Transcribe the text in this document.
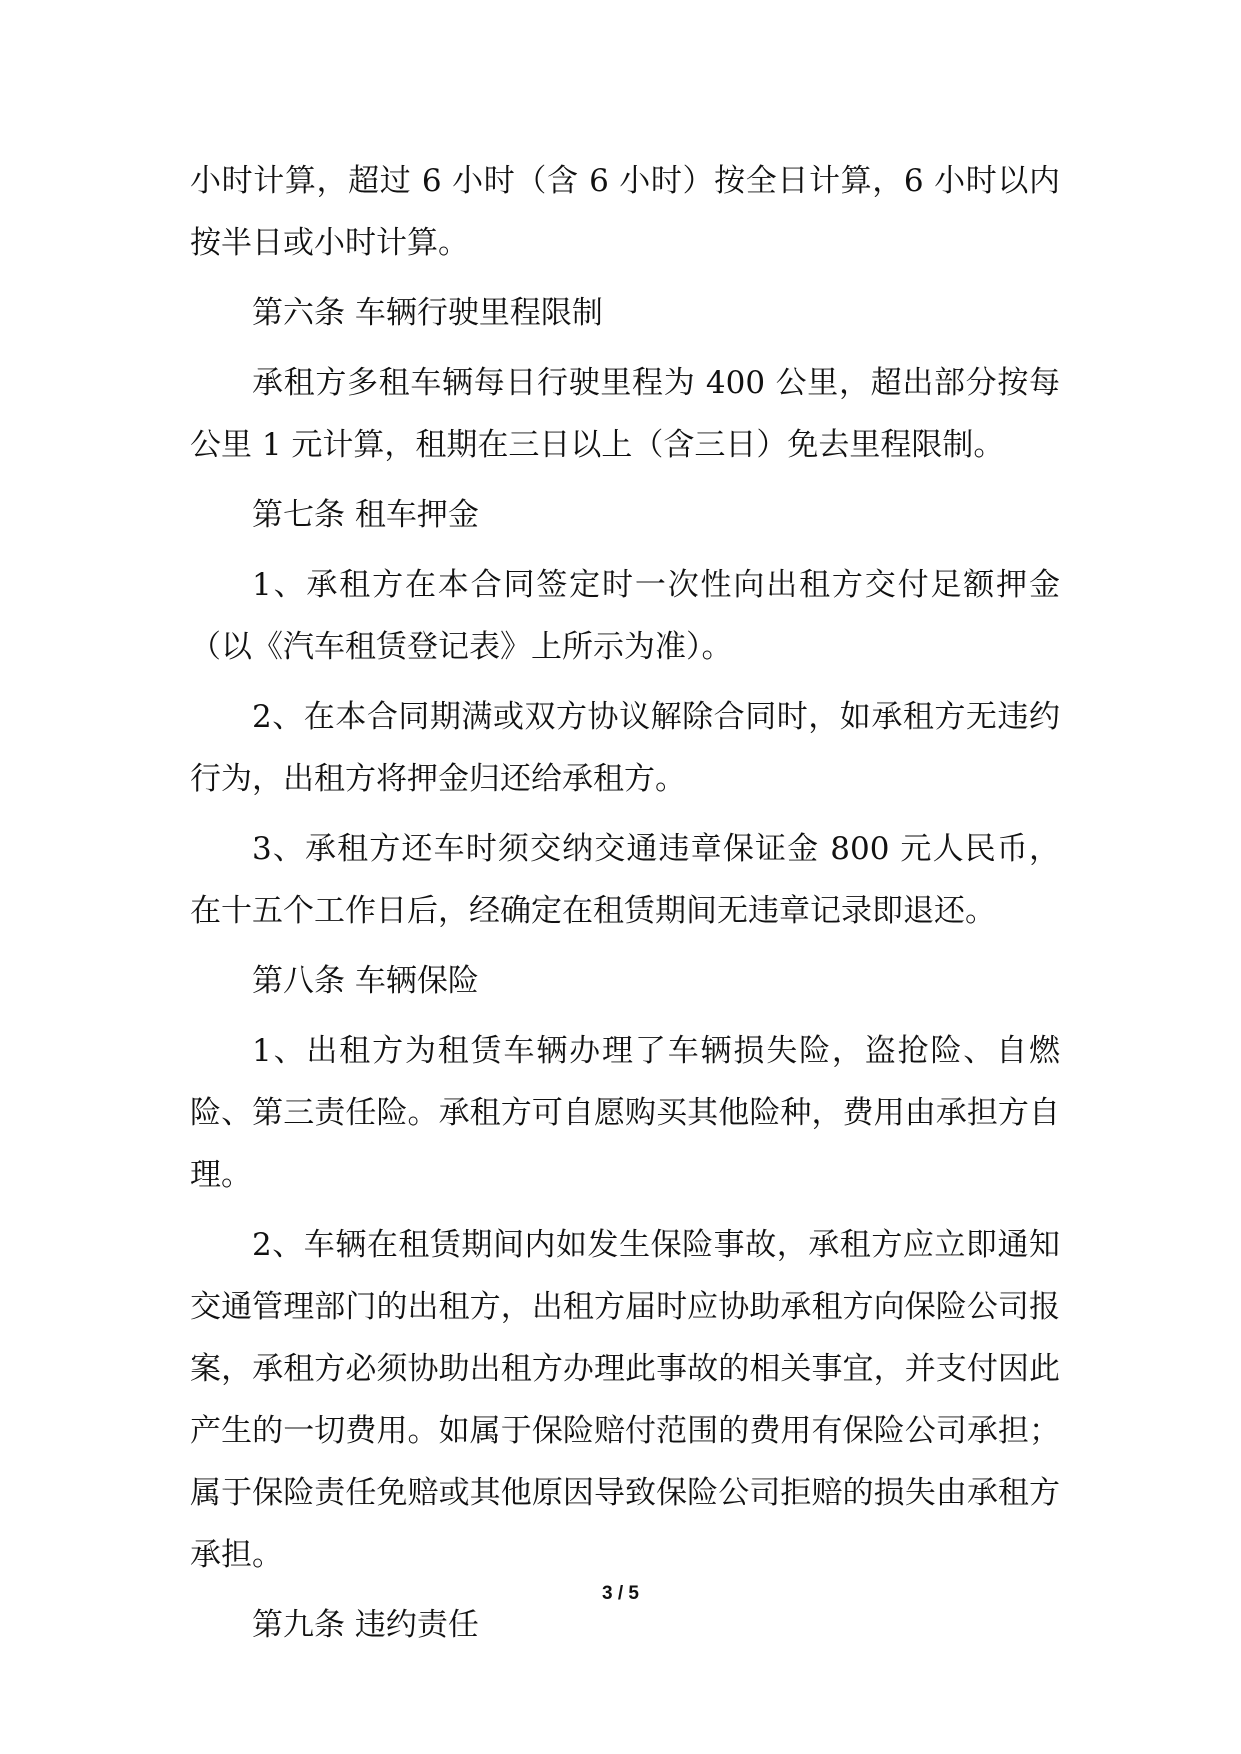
小时计算，超过 6 小时（含 6 小时）按全日计算，6 小时以内按半日或小时计算。

第六条 车辆行驶里程限制

承租方多租车辆每日行驶里程为 400 公里，超出部分按每公里 1 元计算，租期在三日以上（含三日）免去里程限制。

第七条 租车押金

1、承租方在本合同签定时一次性向出租方交付足额押金（以《汽车租赁登记表》上所示为准）。

2、在本合同期满或双方协议解除合同时，如承租方无违约行为，出租方将押金归还给承租方。

3、承租方还车时须交纳交通违章保证金 800 元人民币，在十五个工作日后，经确定在租赁期间无违章记录即退还。

第八条 车辆保险

1、出租方为租赁车辆办理了车辆损失险，盗抢险、自燃险、第三责任险。承租方可自愿购买其他险种，费用由承担方自理。

2、车辆在租赁期间内如发生保险事故，承租方应立即通知交通管理部门的出租方，出租方届时应协助承租方向保险公司报案，承租方必须协助出租方办理此事故的相关事宜，并支付因此产生的一切费用。如属于保险赔付范围的费用有保险公司承担；属于保险责任免赔或其他原因导致保险公司拒赔的损失由承租方承担。

第九条 违约责任

3 / 5
